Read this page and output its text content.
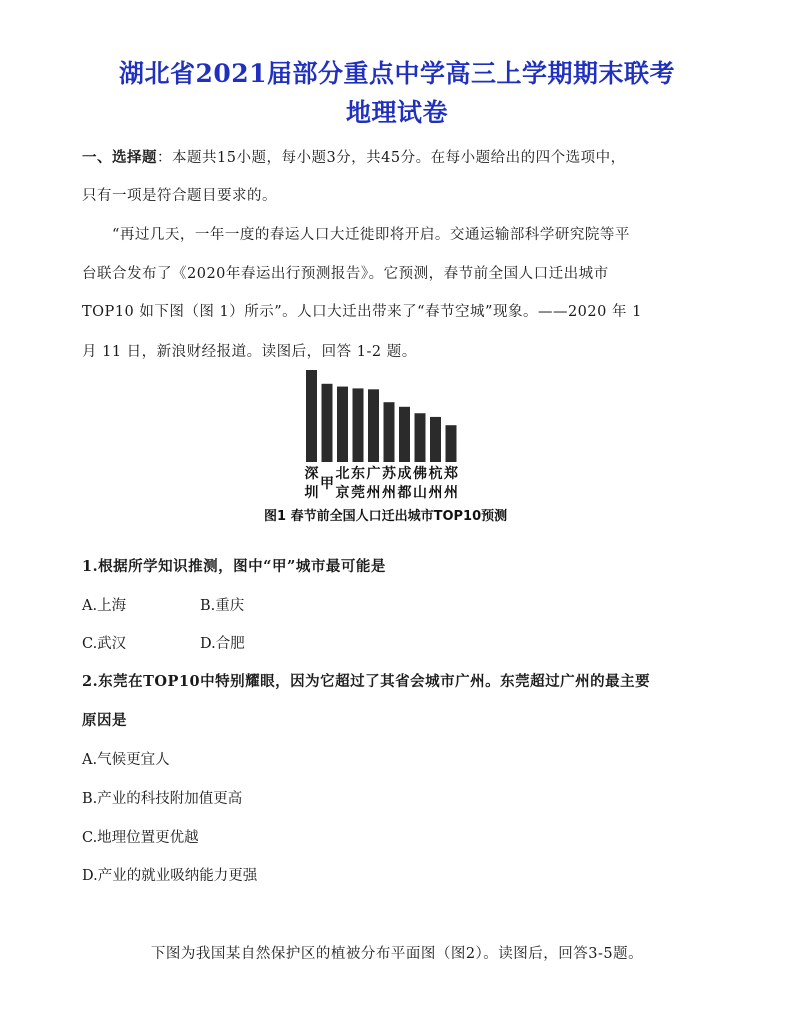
湖北省2021届部分重点中学高三上学期期末联考
地理试卷

一、选择题：本题共15小题，每小题3分，共45分。在每小题给出的四个选项中，

只有一项是符合题目要求的。

“再过几天，一年一度的春运人口大迁徙即将开启。交通运输部科学研究院等平

台联合发布了《2020年春运出行预测报告》。它预测，春节前全国人口迁出城市

TOP10 如下图（图 1）所示”。人口大迁出带来了“春节空城”现象。——2020 年 1

月 11 日，新浪财经报道。读图后，回答 1-2 题。

深圳
甲
北京
东莞
广州
苏州
成都
佛山
杭州
郑州
图1 春节前全国人口迁出城市TOP10预测

1.根据所学知识推测，图中“甲”城市最可能是

A.上海	B.重庆

C.武汉	D.合肥

2.东莞在TOP10中特别耀眼，因为它超过了其省会城市广州。东莞超过广州的最主要

原因是

A.气候更宜人

B.产业的科技附加值更高

C.地理位置更优越

D.产业的就业吸纳能力更强

下图为我国某自然保护区的植被分布平面图（图2）。读图后，回答3-5题。
